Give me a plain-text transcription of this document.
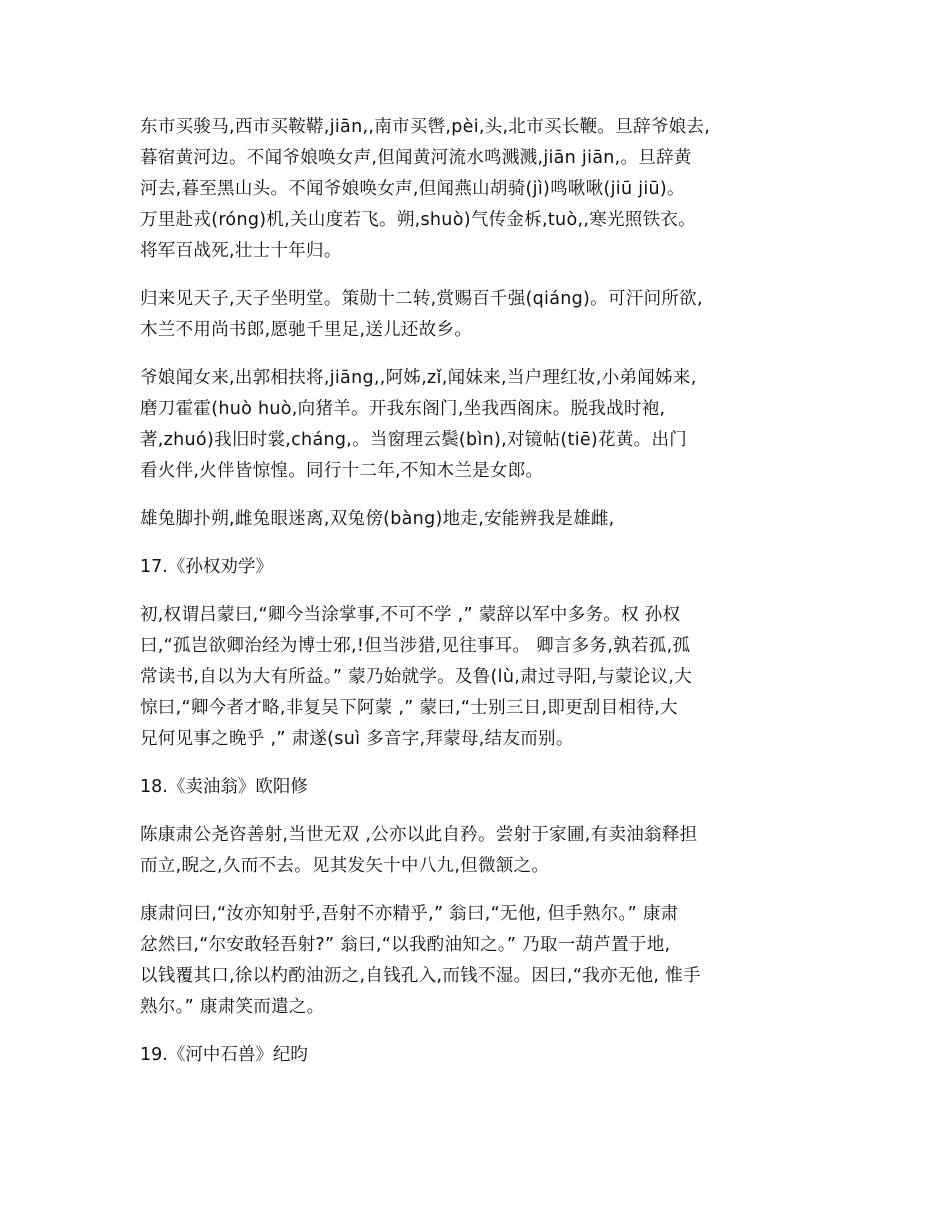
东市买骏马,西市买鞍鞯,jiān,,南市买辔,pèi,头,北市买长鞭。旦辞爷娘去,
暮宿黄河边。不闻爷娘唤女声,但闻黄河流水鸣溅溅,jiān jiān,。旦辞黄
河去,暮至黑山头。不闻爷娘唤女声,但闻燕山胡骑(jì)鸣啾啾(jiū jiū)。
万里赴戎(róng)机,关山度若飞。朔,shuò)气传金柝,tuò,,寒光照铁衣。
将军百战死,壮士十年归。
归来见天子,天子坐明堂。策勋十二转,赏赐百千强(qiáng)。可汗问所欲,
木兰不用尚书郎,愿驰千里足,送儿还故乡。
爷娘闻女来,出郭相扶将,jiāng,,阿姊,zǐ,闻妹来,当户理红妆,小弟闻姊来,
磨刀霍霍(huò huò,向猪羊。开我东阁门,坐我西阁床。脱我战时袍,
著,zhuó)我旧时裳,cháng,。当窗理云鬓(bìn),对镜帖(tiē)花黄。出门
看火伴,火伴皆惊惶。同行十二年,不知木兰是女郎。
雄兔脚扑朔,雌兔眼迷离,双兔傍(bàng)地走,安能辨我是雄雌,
17.《孙权劝学》
初,权谓吕蒙曰,“卿今当涂掌事,不可不学 ,” 蒙辞以军中多务。权 孙权
曰,“孤岂欲卿治经为博士邪,!但当涉猎,见往事耳。 卿言多务,孰若孤,孤
常读书,自以为大有所益。” 蒙乃始就学。及鲁(lù,肃过寻阳,与蒙论议,大
惊曰,“卿今者才略,非复吴下阿蒙 ,” 蒙曰,“士别三日,即更刮目相待,大
兄何见事之晚乎 ,” 肃遂(suì 多音字,拜蒙母,结友而别。
18.《卖油翁》欧阳修
陈康肃公尧咨善射,当世无双 ,公亦以此自矜。尝射于家圃,有卖油翁释担
而立,睨之,久而不去。见其发矢十中八九,但微颔之。
康肃问曰,“汝亦知射乎,吾射不亦精乎,” 翁曰,“无他, 但手熟尔。” 康肃
忿然曰,“尔安敢轻吾射?” 翁曰,“以我酌油知之。” 乃取一葫芦置于地,
以钱覆其口,徐以杓酌油沥之,自钱孔入,而钱不湿。因曰,“我亦无他, 惟手
熟尔。” 康肃笑而遣之。
19.《河中石兽》纪昀
